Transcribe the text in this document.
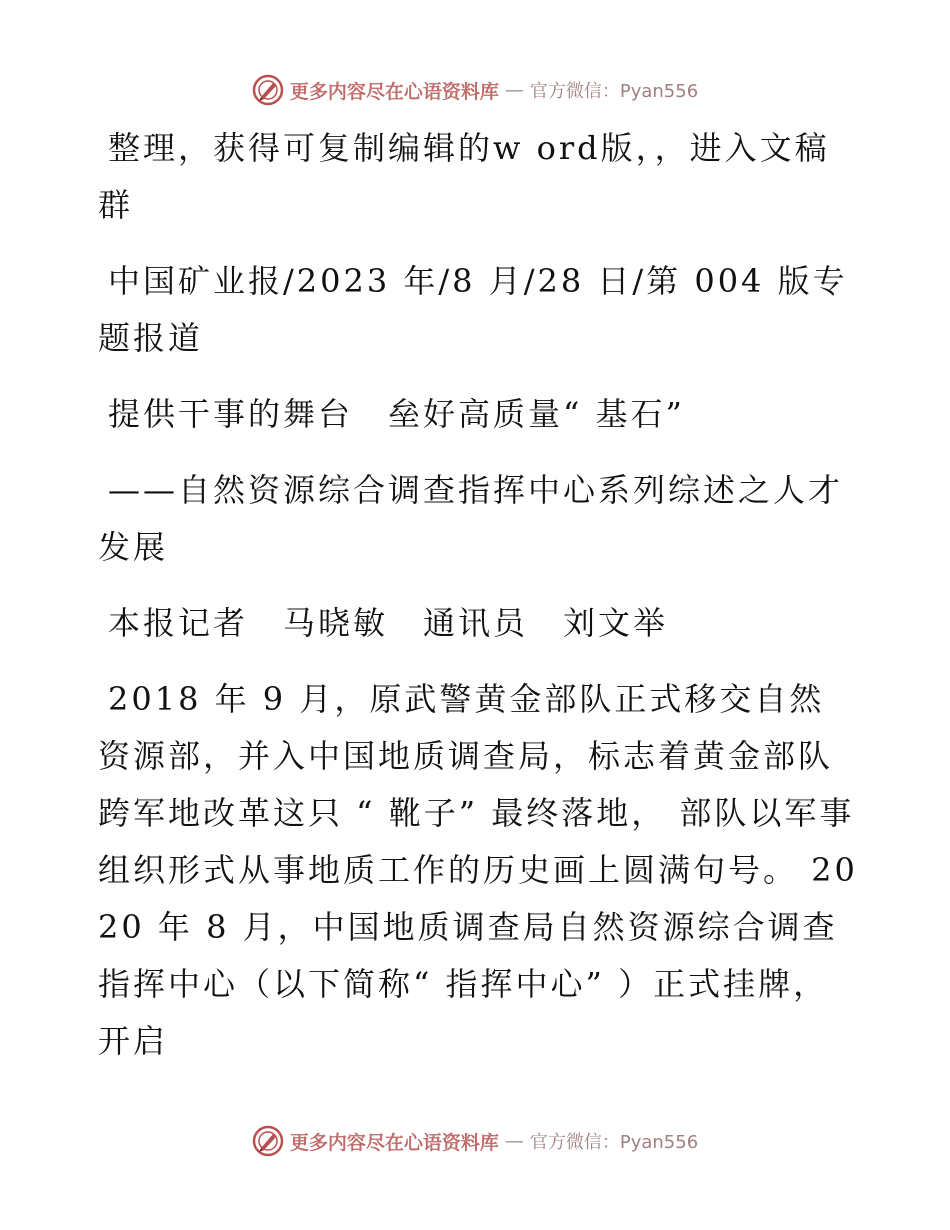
更多内容尽在心语资料库 — 官方微信：Pyan556

整理，获得可复制编辑的w ord版，，进入文稿群

中国矿业报/2023 年/8 月/28 日/第 004 版专题报道

提供干事的舞台　垒好高质量“ 基石”

——自然资源综合调查指挥中心系列综述之人才发展

本报记者　马晓敏　通讯员　刘文举

2018 年 9 月，原武警黄金部队正式移交自然资源部，并入中国地质调查局，标志着黄金部队跨军地改革这只 “ 靴子” 最终落地， 部队以军事组织形式从事地质工作的历史画上圆满句号。 2020 年 8 月，中国地质调查局自然资源综合调查指挥中心（以下简称“ 指挥中心” ）正式挂牌，开启

更多内容尽在心语资料库 — 官方微信：Pyan556
